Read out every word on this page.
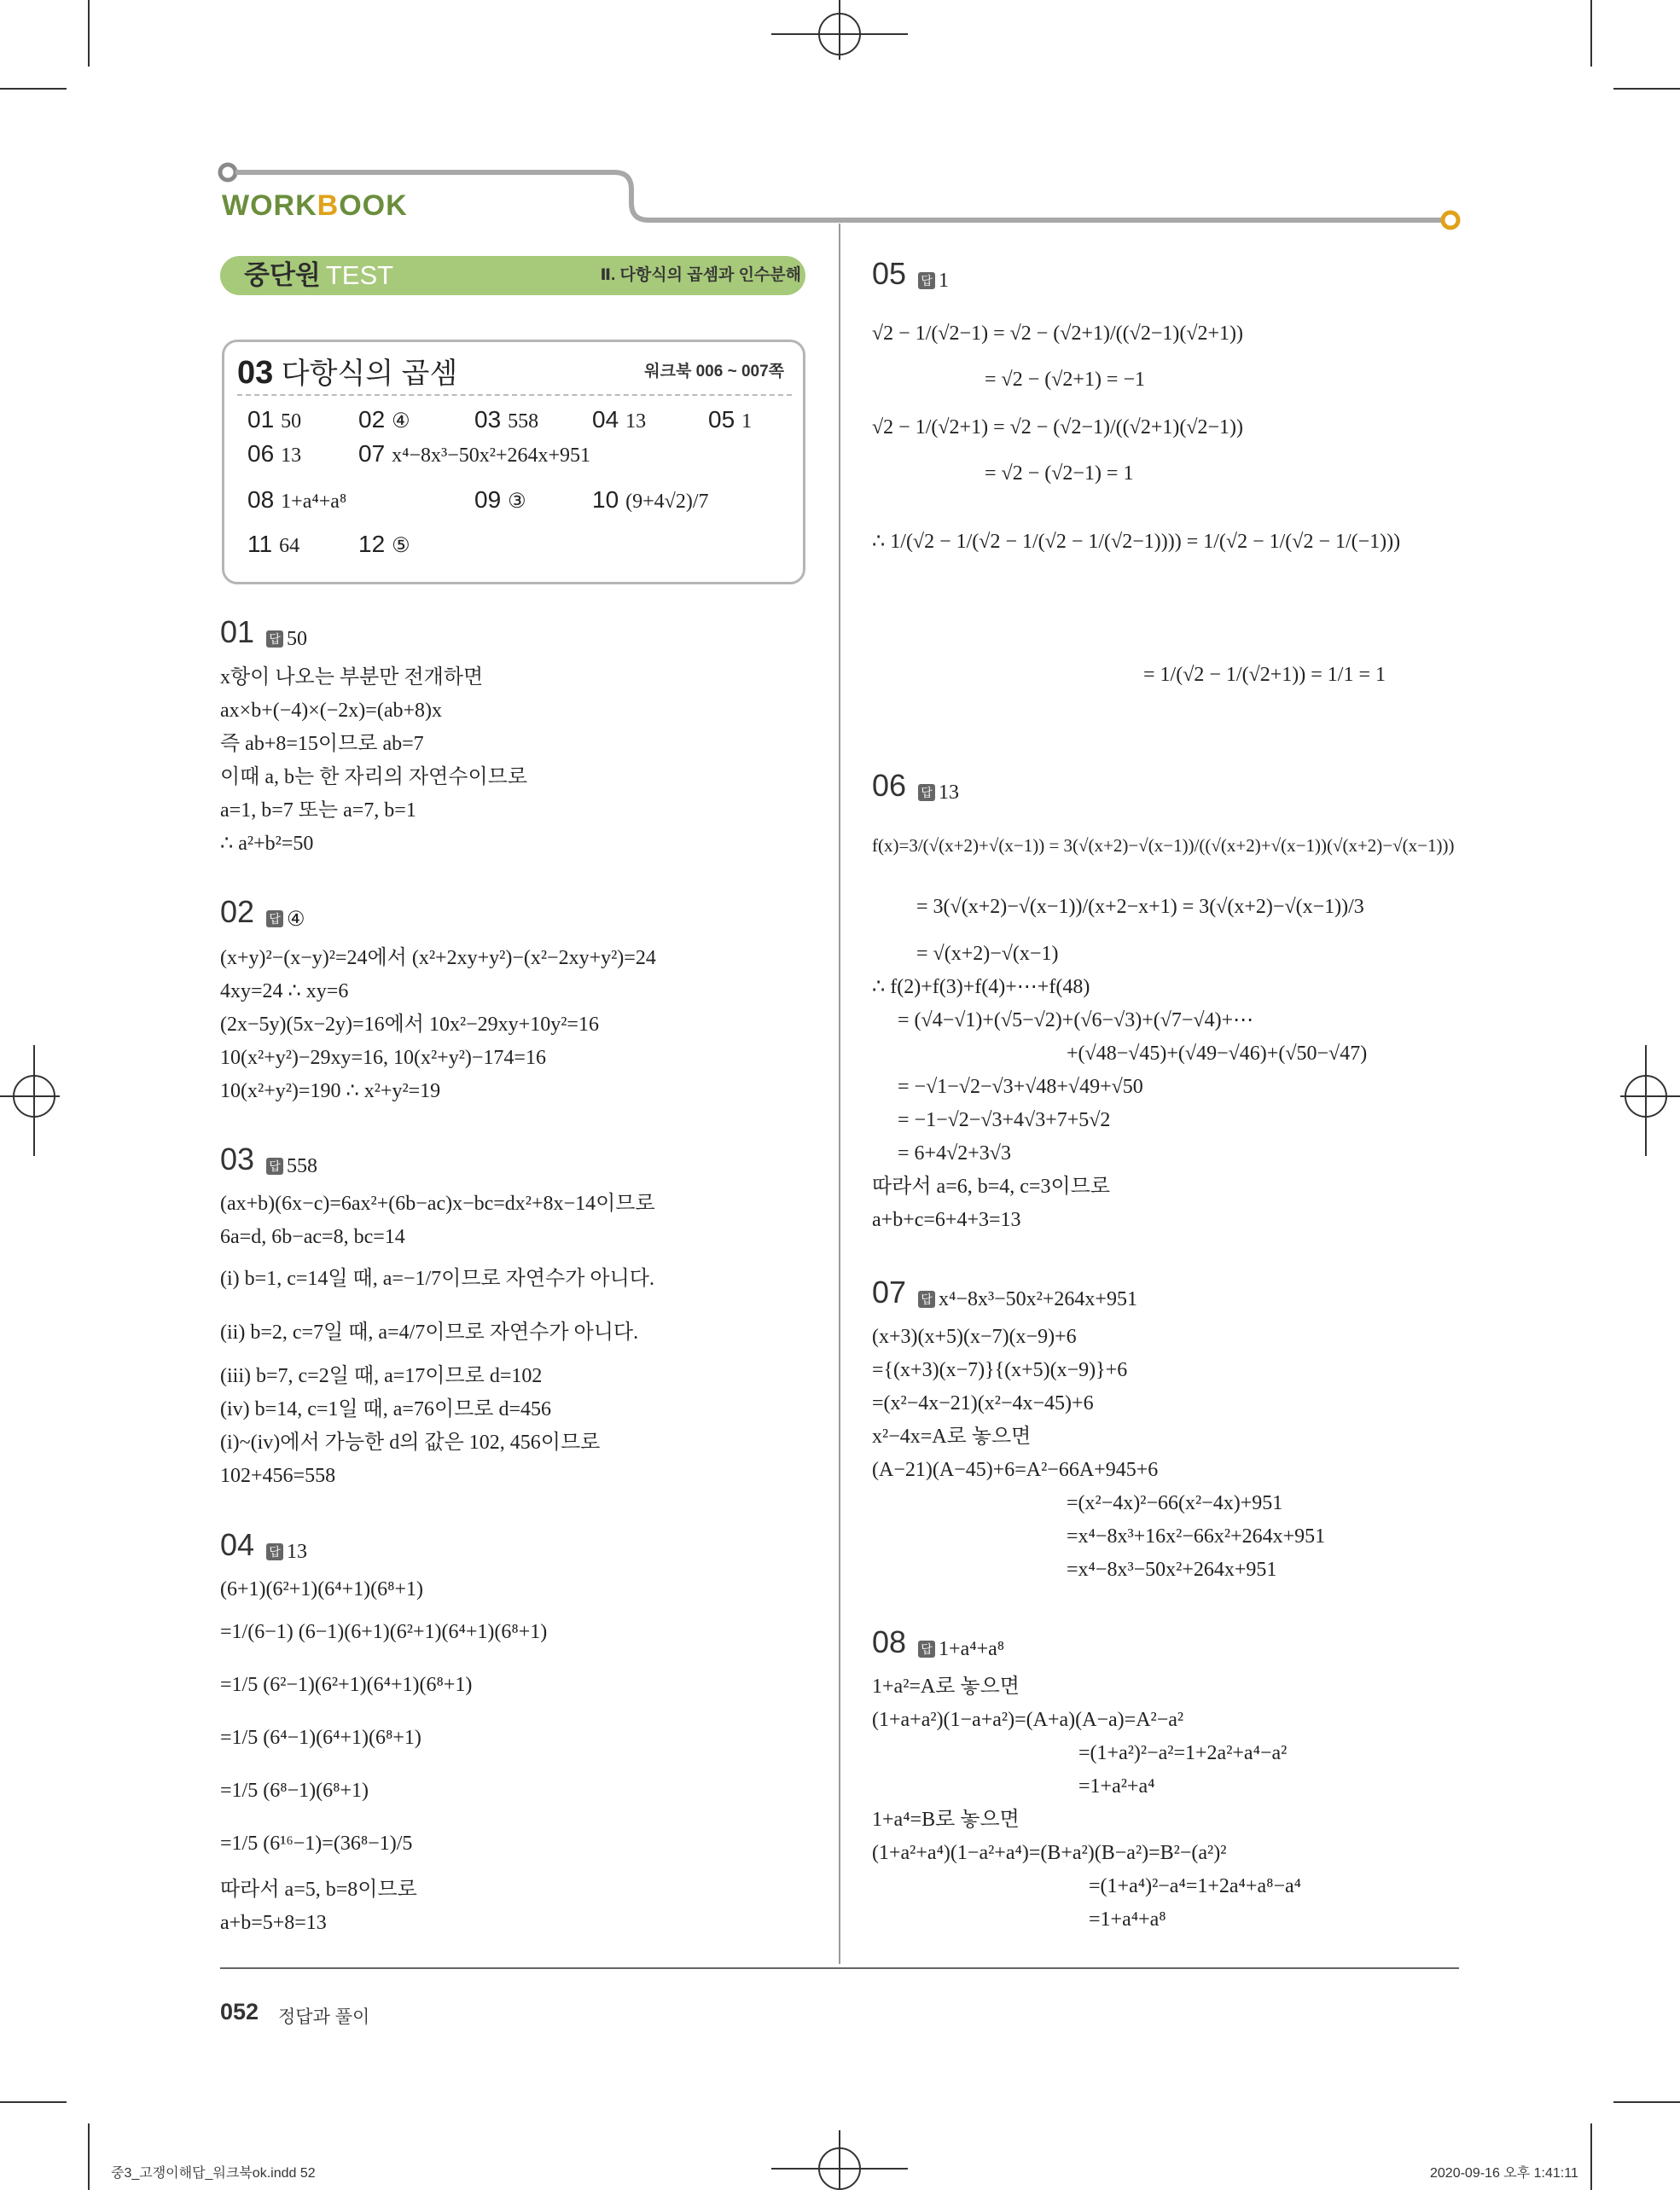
WORKBOOK
중단원 TEST	Ⅱ. 다항식의 곱셈과 인수분해
03 다항식의 곱셈	워크북 006 ~ 007쪽
01 50 02 ④	03 558 04 13	05 1
06 13 07 x⁴−8x³−50x²+264x+951
08 1+a⁴+a⁸	09 ③	10 (9+4√2)/7
11 64 12 ⑤
01 답 50
x항이 나오는 부분만 전개하면
ax×b+(−4)×(−2x)=(ab+8)x
즉 ab+8=15이므로 ab=7
이때 a, b는 한 자리의 자연수이므로
a=1, b=7 또는 a=7, b=1
∴ a²+b²=50
02 답 ④
(x+y)²−(x−y)²=24에서 (x²+2xy+y²)−(x²−2xy+y²)=24
4xy=24 ∴ xy=6
(2x−5y)(5x−2y)=16에서 10x²−29xy+10y²=16
10(x²+y²)−29xy=16, 10(x²+y²)−174=16
10(x²+y²)=190 ∴ x²+y²=19
03 답 558
(ax+b)(6x−c)=6ax²+(6b−ac)x−bc=dx²+8x−14이므로
6a=d, 6b−ac=8, bc=14
(i) b=1, c=14일 때, a=−1/7이므로 자연수가 아니다.
(ii) b=2, c=7일 때, a=4/7이므로 자연수가 아니다.
(iii) b=7, c=2일 때, a=17이므로 d=102
(iv) b=14, c=1일 때, a=76이므로 d=456
(i)~(iv)에서 가능한 d의 값은 102, 456이므로
102+456=558
04 답 13
(6+1)(6²+1)(6⁴+1)(6⁸+1)
=1/(6−1) (6−1)(6+1)(6²+1)(6⁴+1)(6⁸+1)
=1/5 (6²−1)(6²+1)(6⁴+1)(6⁸+1)
=1/5 (6⁴−1)(6⁴+1)(6⁸+1)
=1/5 (6⁸−1)(6⁸+1)
=1/5 (6¹⁶−1)=(36⁸−1)/5
따라서 a=5, b=8이므로
a+b=5+8=13
05 답 1
√2 − 1/(√2−1) = √2 − (√2+1)/((√2−1)(√2+1))
= √2 − (√2+1) = −1
√2 − 1/(√2+1) = √2 − (√2−1)/((√2+1)(√2−1))
= √2 − (√2−1) = 1
∴ 1/(√2 − 1/(√2 − 1/(√2 − 1/(√2−1)))) = 1/(√2 − 1/(√2 − 1/(−1)))
= 1/(√2 − 1/(√2+1)) = 1/1 = 1
06 답 13
f(x)=3/(√(x+2)+√(x−1)) = 3(√(x+2)−√(x−1))/((√(x+2)+√(x−1))(√(x+2)−√(x−1)))
= 3(√(x+2)−√(x−1))/(x+2−x+1) = 3(√(x+2)−√(x−1))/3
= √(x+2)−√(x−1)
∴ f(2)+f(3)+f(4)+⋯+f(48)
= (√4−√1)+(√5−√2)+(√6−√3)+(√7−√4)+⋯
+(√48−√45)+(√49−√46)+(√50−√47)
= −√1−√2−√3+√48+√49+√50
= −1−√2−√3+4√3+7+5√2
= 6+4√2+3√3
따라서 a=6, b=4, c=3이므로
a+b+c=6+4+3=13
07 답 x⁴−8x³−50x²+264x+951
(x+3)(x+5)(x−7)(x−9)+6
={(x+3)(x−7)}{(x+5)(x−9)}+6
=(x²−4x−21)(x²−4x−45)+6
x²−4x=A로 놓으면
(A−21)(A−45)+6=A²−66A+945+6
=(x²−4x)²−66(x²−4x)+951
=x⁴−8x³+16x²−66x²+264x+951
=x⁴−8x³−50x²+264x+951
08 답 1+a⁴+a⁸
1+a²=A로 놓으면
(1+a+a²)(1−a+a²)=(A+a)(A−a)=A²−a²
=(1+a²)²−a²=1+2a²+a⁴−a²
=1+a²+a⁴
1+a⁴=B로 놓으면
(1+a²+a⁴)(1−a²+a⁴)=(B+a²)(B−a²)=B²−(a²)²
=(1+a⁴)²−a⁴=1+2a⁴+a⁸−a⁴
=1+a⁴+a⁸
052 정답과 풀이
중3_고쟁이해답_워크북ok.indd 52	2020-09-16 오후 1:41:11
